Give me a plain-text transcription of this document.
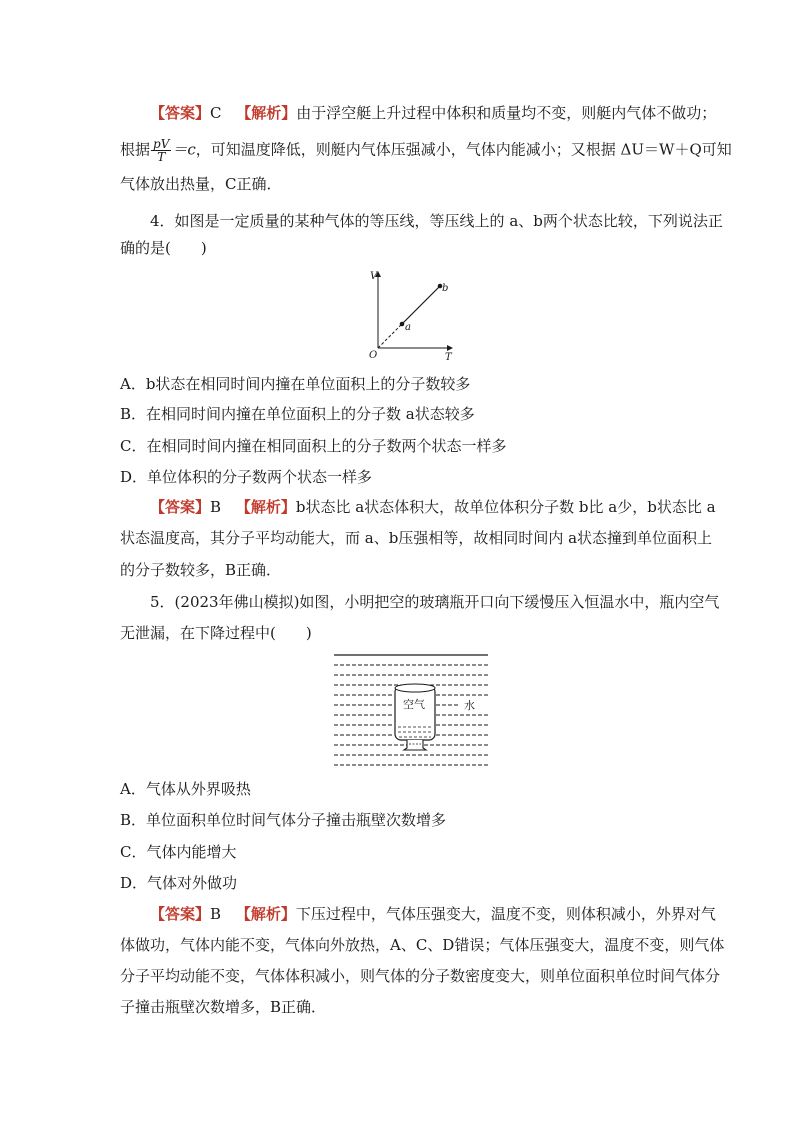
【答案】C 【解析】由于浮空艇上升过程中体积和质量均不变，则艇内气体不做功；
根据 $\frac{pV}{T} =c$，可知温度降低，则艇内气体压强减小，气体内能减小；又根据 ΔU＝W＋Q可知
气体放出热量，C正确．
4．如图是一定质量的某种气体的等压线，等压线上的 a、b两个状态比较，下列说法正
确的是(　　)
V
T
O
a
b
A．b状态在相同时间内撞在单位面积上的分子数较多
B．在相同时间内撞在单位面积上的分子数 a状态较多
C．在相同时间内撞在相同面积上的分子数两个状态一样多
D．单位体积的分子数两个状态一样多
【答案】B 【解析】b状态比 a状态体积大，故单位体积分子数 b比 a少，b状态比 a
状态温度高，其分子平均动能大，而 a、b压强相等，故相同时间内 a状态撞到单位面积上
的分子数较多，B正确．
5．(2023年佛山模拟)如图，小明把空的玻璃瓶开口向下缓慢压入恒温水中，瓶内空气
无泄漏，在下降过程中(　　)
空气	水
A．气体从外界吸热
B．单位面积单位时间气体分子撞击瓶壁次数增多
C．气体内能增大
D．气体对外做功
【答案】B 【解析】下压过程中，气体压强变大，温度不变，则体积减小，外界对气
体做功，气体内能不变，气体向外放热，A、C、D错误；气体压强变大，温度不变，则气体
分子平均动能不变，气体体积减小，则气体的分子数密度变大，则单位面积单位时间气体分
子撞击瓶壁次数增多，B正确．
